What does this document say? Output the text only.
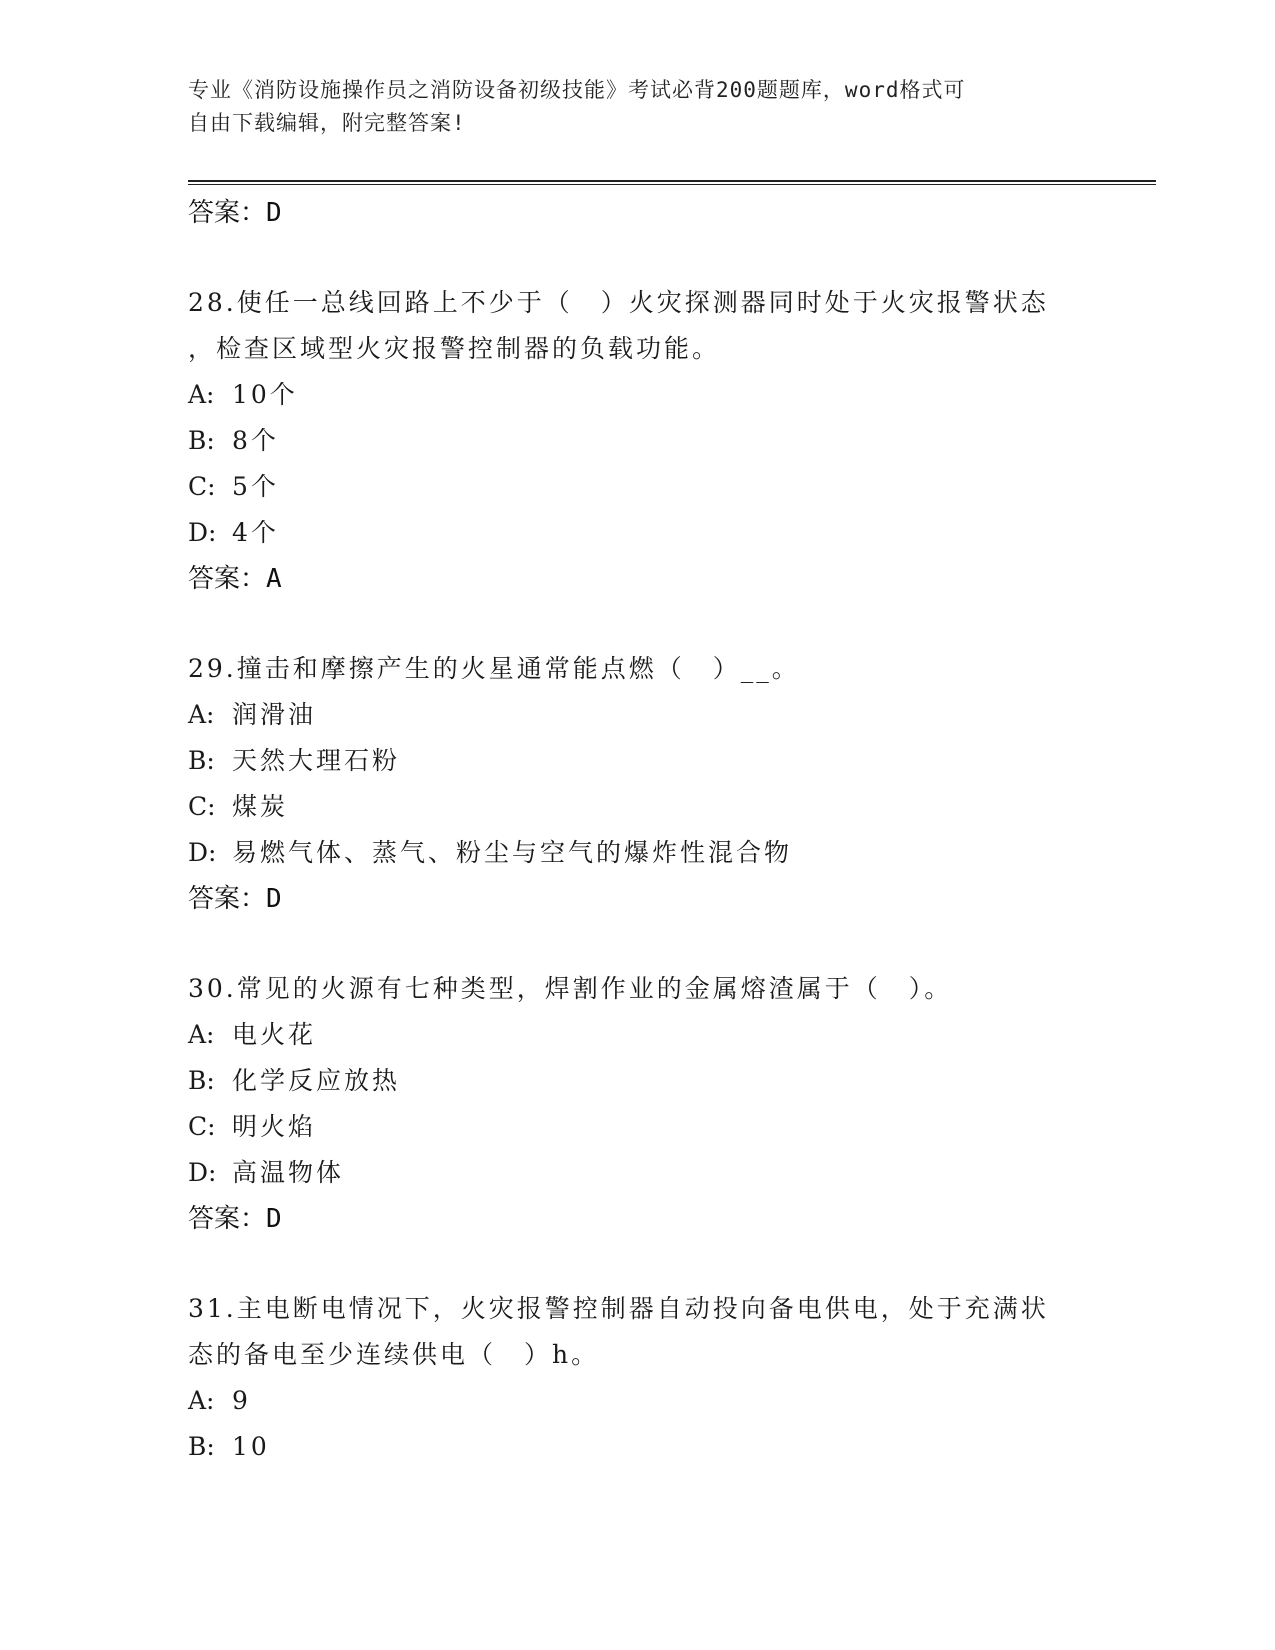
专业《消防设施操作员之消防设备初级技能》考试必背200题题库，word格式可
自由下载编辑，附完整答案!
答案：D
28.使任一总线回路上不少于（　）火灾探测器同时处于火灾报警状态
，检查区域型火灾报警控制器的负载功能。
A: 10个
B: 8个
C: 5个
D: 4个
答案：A
29.撞击和摩擦产生的火星通常能点燃（　）__。
A: 润滑油
B: 天然大理石粉
C: 煤炭
D: 易燃气体、蒸气、粉尘与空气的爆炸性混合物
答案：D
30.常见的火源有七种类型，焊割作业的金属熔渣属于（　）。
A: 电火花
B: 化学反应放热
C: 明火焰
D: 高温物体
答案：D
31.主电断电情况下，火灾报警控制器自动投向备电供电，处于充满状
态的备电至少连续供电（　）h。
A: 9
B: 10
